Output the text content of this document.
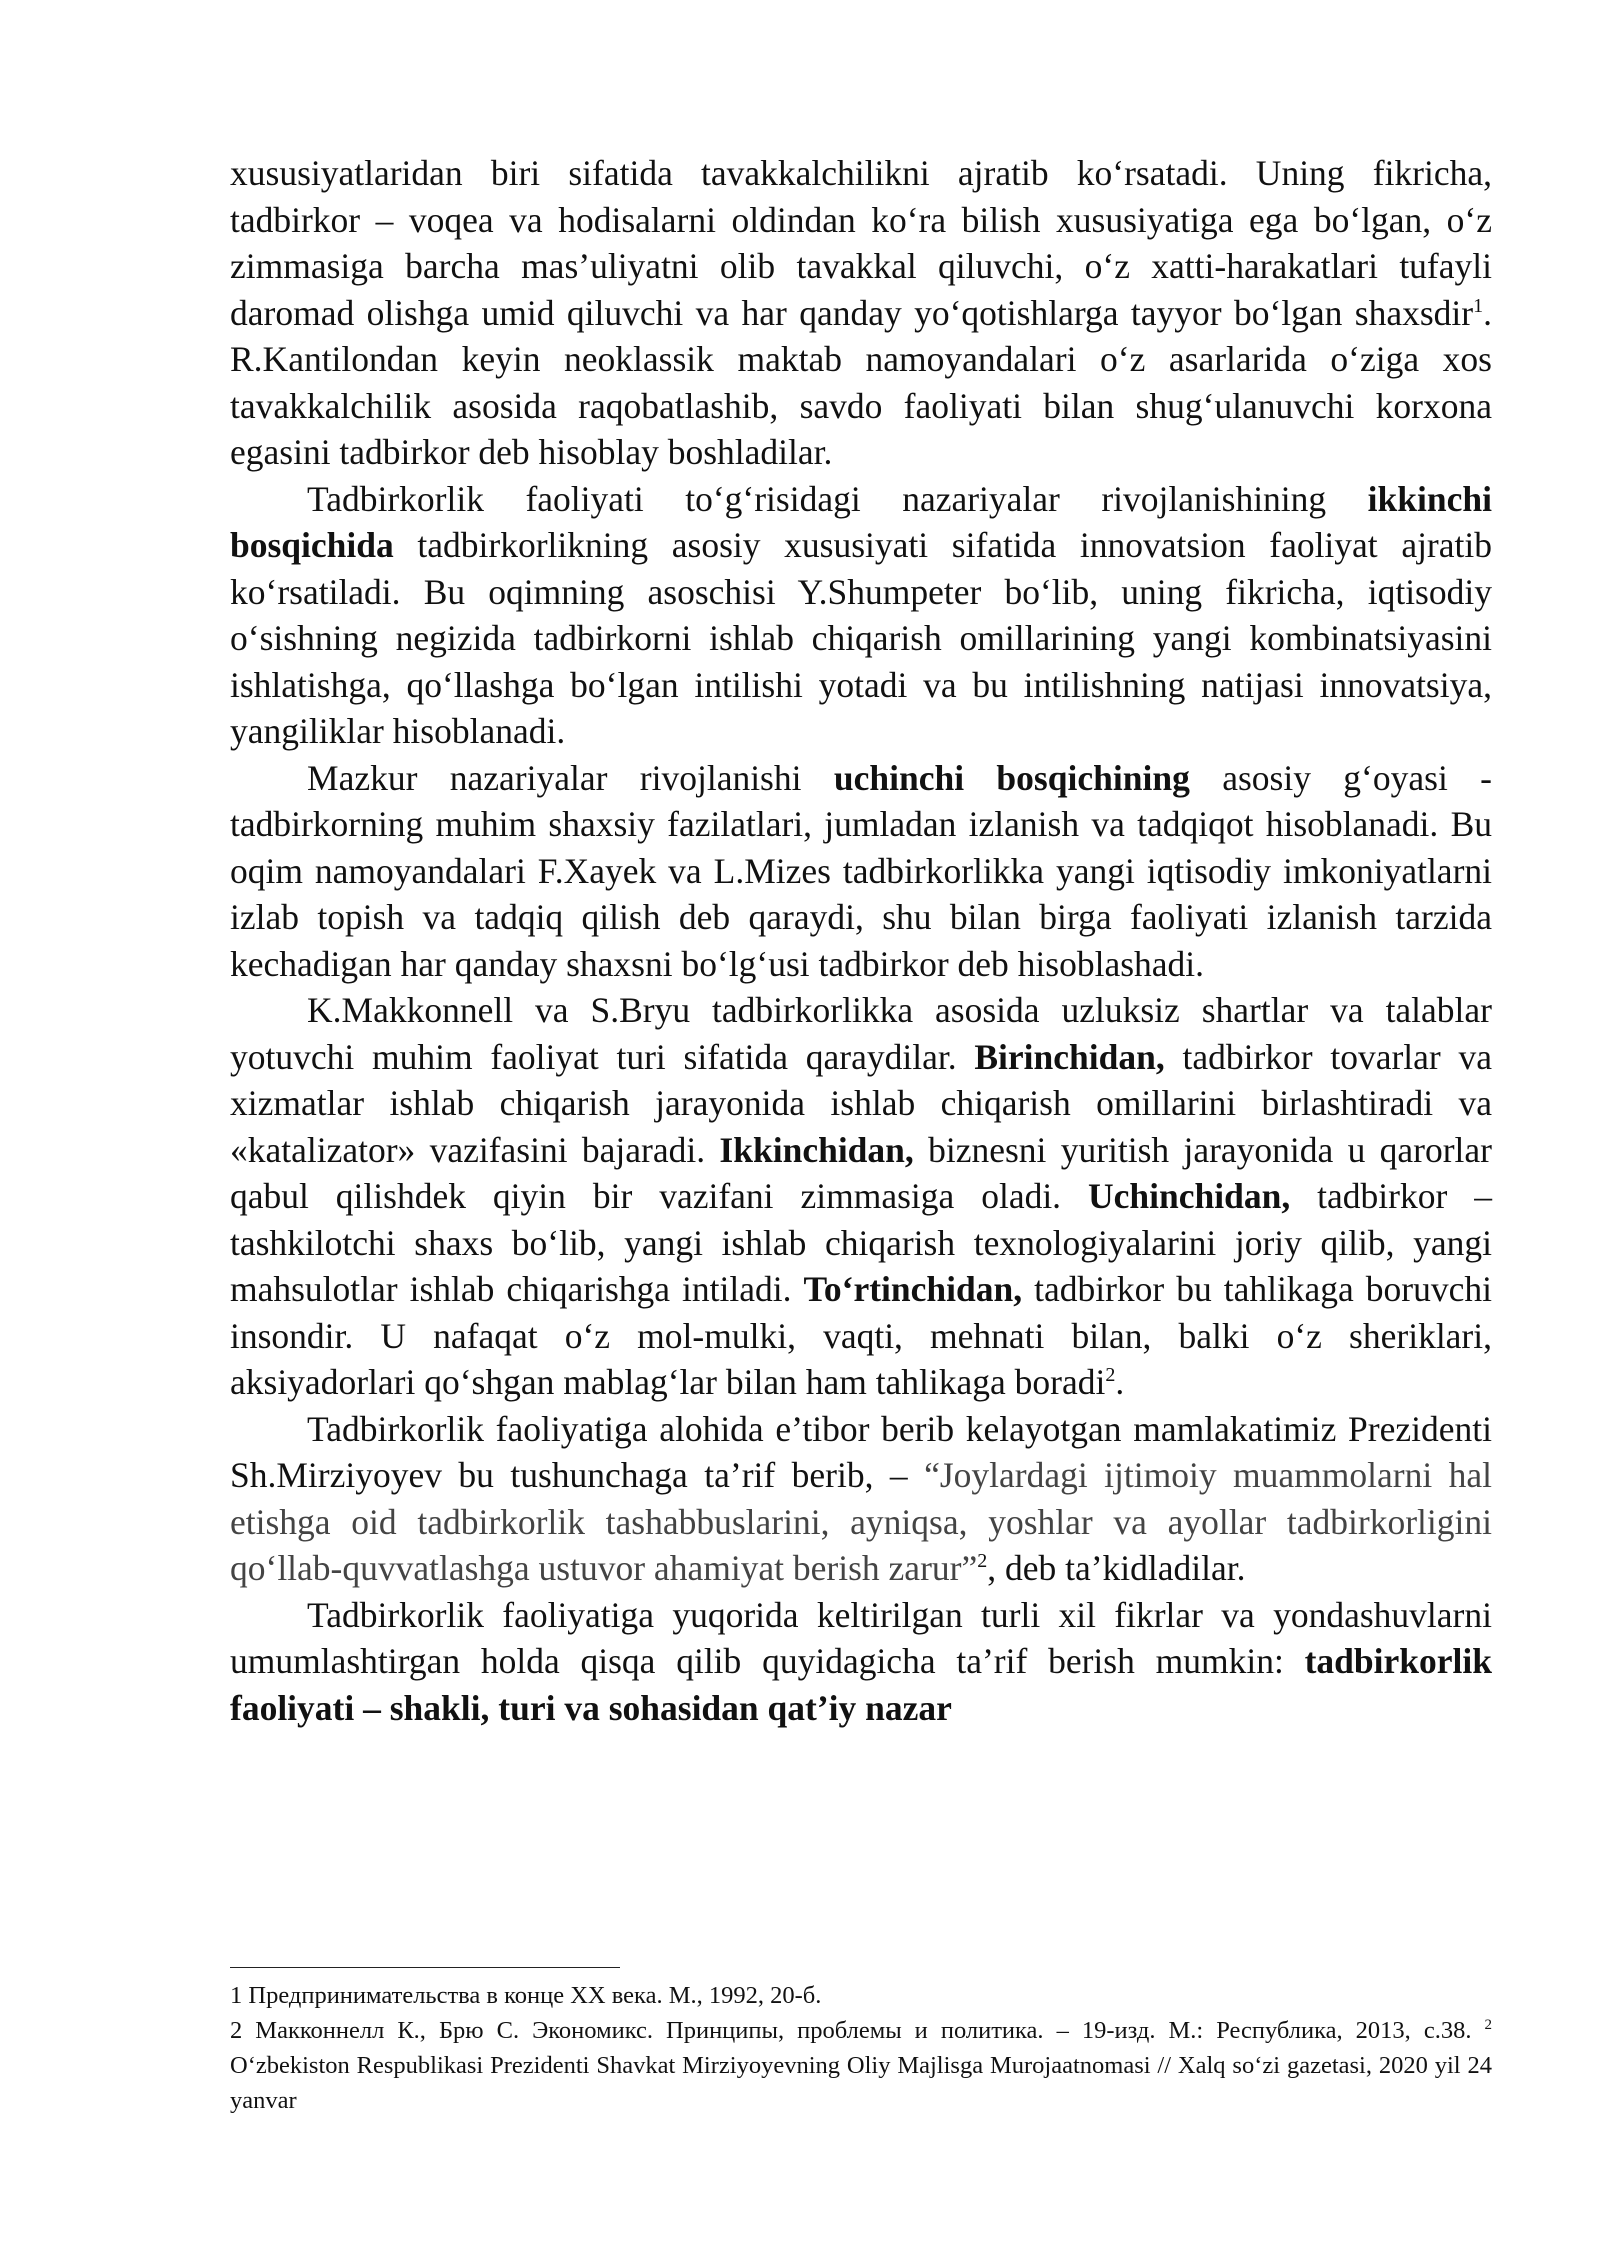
xususiyatlaridan biri sifatida tavakkalchilikni ajratib koʻrsatadi. Uning fikricha, tadbirkor – voqea va hodisalarni oldindan koʻra bilish xususiyatiga ega boʻlgan, oʻz zimmasiga barcha mas’uliyatni olib tavakkal qiluvchi, oʻz xatti-harakatlari tufayli daromad olishga umid qiluvchi va har qanday yoʻqotishlarga tayyor boʻlgan shaxsdir$^1$. R.Kantilondan keyin neoklassik maktab namoyandalari oʻz asarlarida oʻziga xos tavakkalchilik asosida raqobatlashib, savdo faoliyati bilan shugʻulanuvchi korxona egasini tadbirkor deb hisoblay boshladilar.

Tadbirkorlik faoliyati toʻgʻrisidagi nazariyalar rivojlanishining ikkinchi bosqichida tadbirkorlikning asosiy xususiyati sifatida innovatsion faoliyat ajratib koʻrsatiladi. Bu oqimning asoschisi Y.Shumpeter boʻlib, uning fikricha, iqtisodiy oʻsishning negizida tadbirkorni ishlab chiqarish omillarining yangi kombinatsiyasini ishlatishga, qoʻllashga boʻlgan intilishi yotadi va bu intilishning natijasi innovatsiya, yangiliklar hisoblanadi.

Mazkur nazariyalar rivojlanishi uchinchi bosqichining asosiy gʻoyasi - tadbirkorning muhim shaxsiy fazilatlari, jumladan izlanish va tadqiqot hisoblanadi. Bu oqim namoyandalari F.Xayek va L.Mizes tadbirkorlikka yangi iqtisodiy imkoniyatlarni izlab topish va tadqiq qilish deb qaraydi, shu bilan birga faoliyati izlanish tarzida kechadigan har qanday shaxsni boʻlgʻusi tadbirkor deb hisoblashadi.

K.Makkonnell va S.Bryu tadbirkorlikka asosida uzluksiz shartlar va talablar yotuvchi muhim faoliyat turi sifatida qaraydilar. Birinchidan, tadbirkor tovarlar va xizmatlar ishlab chiqarish jarayonida ishlab chiqarish omillarini birlashtiradi va «katalizator» vazifasini bajaradi. Ikkinchidan, biznesni yuritish jarayonida u qarorlar qabul qilishdek qiyin bir vazifani zimmasiga oladi. Uchinchidan, tadbirkor – tashkilotchi shaxs boʻlib, yangi ishlab chiqarish texnologiyalarini joriy qilib, yangi mahsulotlar ishlab chiqarishga intiladi. Toʻrtinchidan, tadbirkor bu tahlikaga boruvchi insondir. U nafaqat oʻz mol-mulki, vaqti, mehnati bilan, balki oʻz sheriklari, aksiyadorlari qoʻshgan mablagʻlar bilan ham tahlikaga boradi$^2$.

Tadbirkorlik faoliyatiga alohida e’tibor berib kelayotgan mamlakatimiz Prezidenti Sh.Mirziyoyev bu tushunchaga ta’rif berib, – “Joylardagi ijtimoiy muammolarni hal etishga oid tadbirkorlik tashabbuslarini, ayniqsa, yoshlar va ayollar tadbirkorligini qoʻllab-quvvatlashga ustuvor ahamiyat berish zarur”$^2$, deb ta’kidladilar.

Tadbirkorlik faoliyatiga yuqorida keltirilgan turli xil fikrlar va yondashuvlarni umumlashtirgan holda qisqa qilib quyidagicha ta’rif berish mumkin: tadbirkorlik faoliyati – shakli, turi va sohasidan qat’iy nazar

1 Предпринимательства в конце XX века. М., 1992, 20-б.

2 Макконнелл К., Брю С. Экономикс. Принципы, проблемы и политика. – 19-изд. М.: Республика, 2013, с.38. $^2$ Oʻzbekiston Respublikasi Prezidenti Shavkat Mirziyoyevning Oliy Majlisga Murojaatnomasi // Xalq soʻzi gazetasi, 2020 yil 24 yanvar
